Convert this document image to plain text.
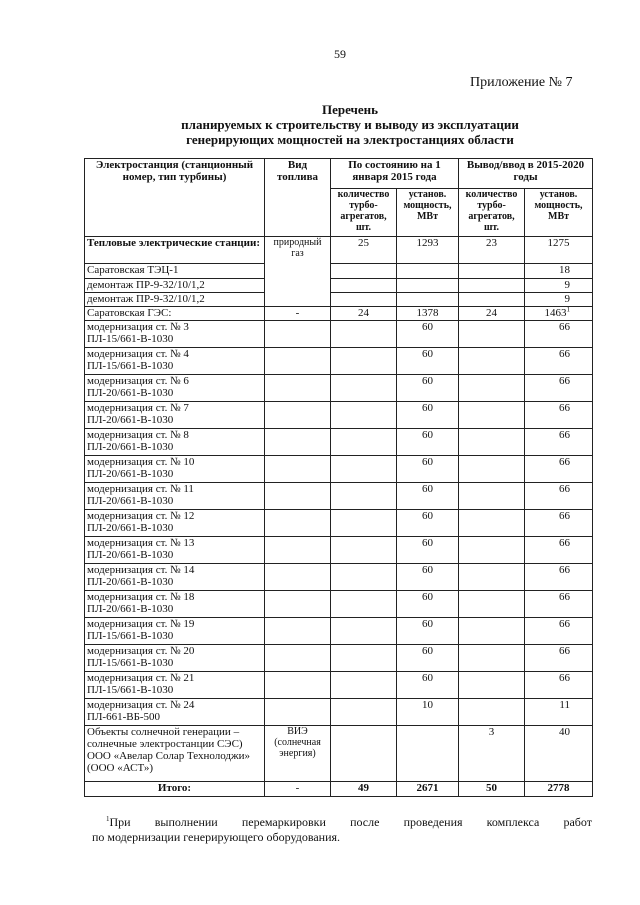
59
Приложение № 7
Перечень
планируемых к строительству и выводу из эксплуатации
генерирующих мощностей на электростанциях области
Электростанция (станционный номер, тип турбины)	Вид топлива	По состоянию на 1 января 2015 года		Вывод/ввод в 2015-2020 годы	
		количество турбо-агрегатов, шт.	установ. мощность, МВт	количество турбо-агрегатов, шт.	установ. мощность, МВт
Тепловые электрические станции:	природный газ	25	1293	23	1275
Саратовская ТЭЦ-1					18
демонтаж ПР-9-32/10/1,2					9
демонтаж ПР-9-32/10/1,2					9
Саратовская ГЭС:	-	24	1378	24	1463$^1$

модернизация ст. № 3
ПЛ-15/661-В-1030			60		66

модернизация ст. № 4
ПЛ-15/661-В-1030			60		66

модернизация ст. № 6
ПЛ-20/661-В-1030			60		66

модернизация ст. № 7
ПЛ-20/661-В-1030			60		66

модернизация ст. № 8
ПЛ-20/661-В-1030			60		66

модернизация ст. № 10
ПЛ-20/661-В-1030			60		66

модернизация ст. № 11
ПЛ-20/661-В-1030			60		66

модернизация ст. № 12
ПЛ-20/661-В-1030			60		66

модернизация ст. № 13
ПЛ-20/661-В-1030			60		66

модернизация ст. № 14
ПЛ-20/661-В-1030			60		66

модернизация ст. № 18
ПЛ-20/661-В-1030			60		66

модернизация ст. № 19
ПЛ-15/661-В-1030			60		66

модернизация ст. № 20
ПЛ-15/661-В-1030			60		66

модернизация ст. № 21
ПЛ-15/661-В-1030			60		66

модернизация ст. № 24
ПЛ-661-ВБ-500			10		11
Объекты солнечной генерации – солнечные электростанции СЭС) ООО «Авелар Солар Технолоджи» (ООО «АСТ»)	ВИЭ (солнечная энергия)			3	40
Итого:	-	49	2671	50	2778
$^1$При выполнении перемаркировки после проведения комплекса работ
по модернизации генерирующего оборудования.
